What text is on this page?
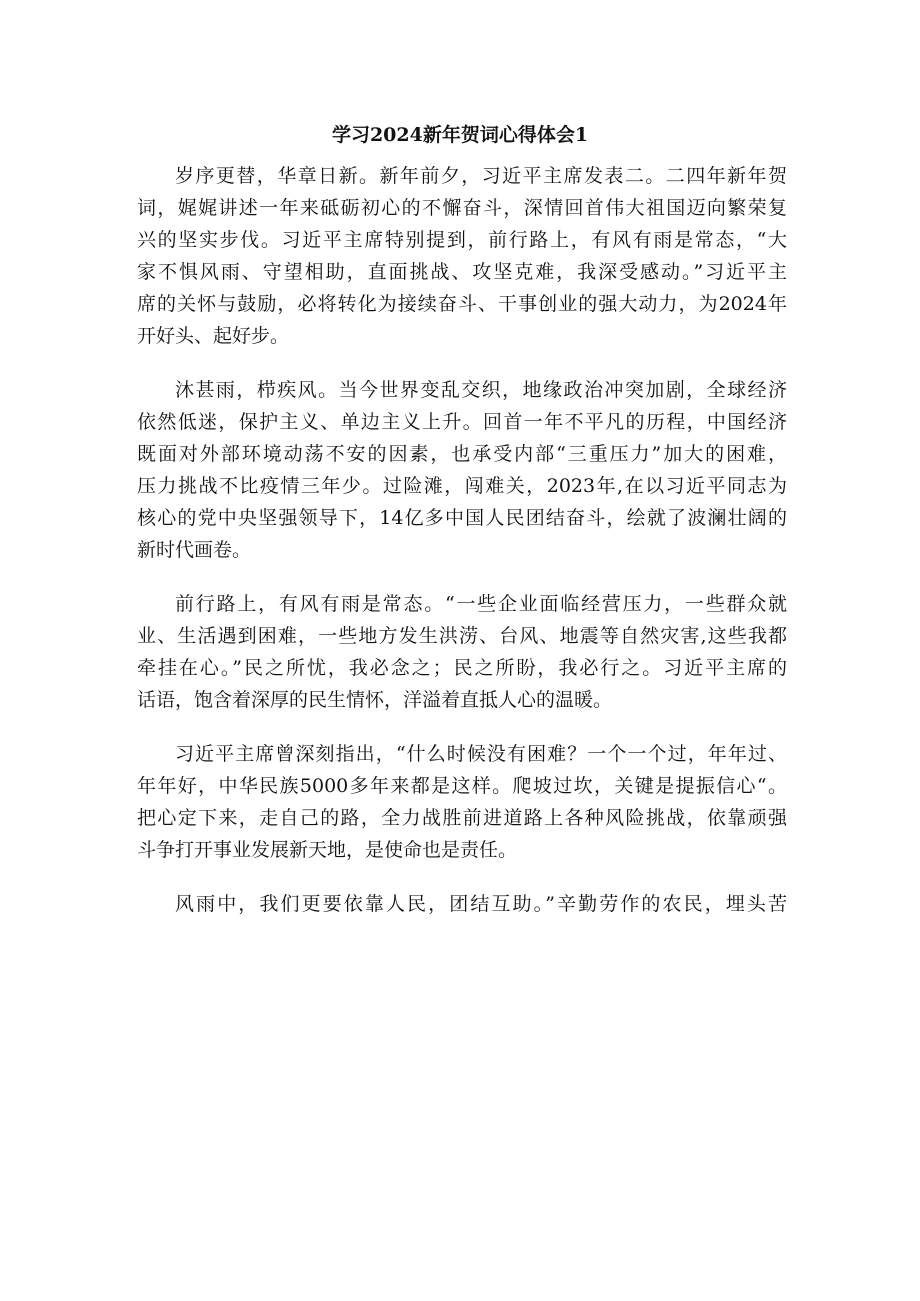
学习2024新年贺词心得体会1
岁序更替，华章日新。新年前夕，习近平主席发表二。二四年新年贺
词，娓娓讲述一年来砥砺初心的不懈奋斗，深情回首伟大祖国迈向繁荣复
兴的坚实步伐。习近平主席特别提到，前行路上，有风有雨是常态，“大
家不惧风雨、守望相助，直面挑战、攻坚克难，我深受感动。”习近平主
席的关怀与鼓励，必将转化为接续奋斗、干事创业的强大动力，为2024年
开好头、起好步。
沐甚雨，栉疾风。当今世界变乱交织，地缘政治冲突加剧，全球经济
依然低迷，保护主义、单边主义上升。回首一年不平凡的历程，中国经济
既面对外部环境动荡不安的因素，也承受内部“三重压力”加大的困难，
压力挑战不比疫情三年少。过险滩，闯难关，2023年,在以习近平同志为
核心的党中央坚强领导下，14亿多中国人民团结奋斗，绘就了波澜壮阔的
新时代画卷。
前行路上，有风有雨是常态。“一些企业面临经营压力，一些群众就
业、生活遇到困难，一些地方发生洪涝、台风、地震等自然灾害,这些我都
牵挂在心。”民之所忧，我必念之；民之所盼，我必行之。习近平主席的
话语，饱含着深厚的民生情怀，洋溢着直抵人心的温暖。
习近平主席曾深刻指出，“什么时候没有困难？一个一个过，年年过、
年年好，中华民族5000多年来都是这样。爬坡过坎，关键是提振信心“。
把心定下来，走自己的路，全力战胜前进道路上各种风险挑战，依靠顽强
斗争打开事业发展新天地，是使命也是责任。
风雨中，我们更要依靠人民，团结互助。”辛勤劳作的农民，埋头苦
